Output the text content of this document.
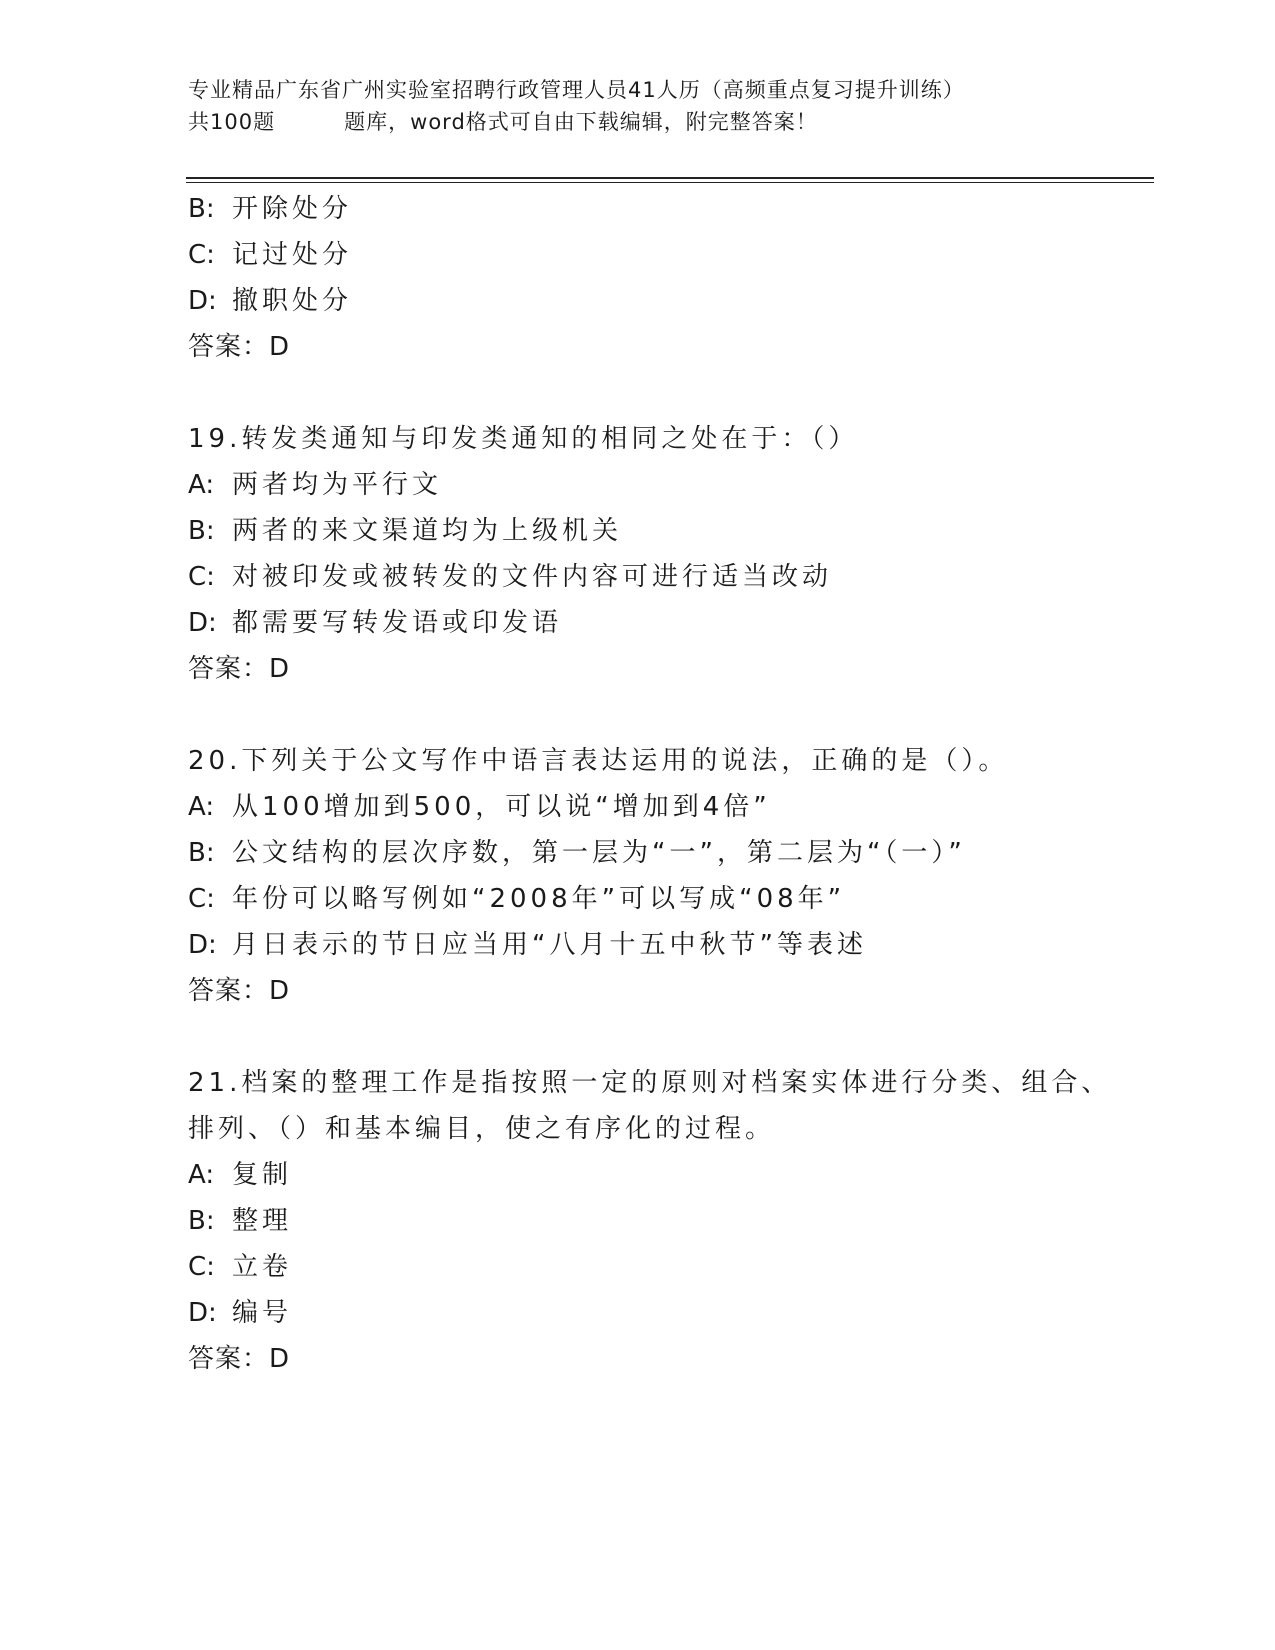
专业精品广东省广州实验室招聘行政管理人员41人历（高频重点复习提升训练）
共100题         题库，word格式可自由下载编辑，附完整答案！
B: 开除处分
C: 记过处分
D: 撤职处分
答案：D
19.转发类通知与印发类通知的相同之处在于：（）
A: 两者均为平行文
B: 两者的来文渠道均为上级机关
C: 对被印发或被转发的文件内容可进行适当改动
D: 都需要写转发语或印发语
答案：D
20.下列关于公文写作中语言表达运用的说法，正确的是（）。
A: 从100增加到500，可以说“增加到4倍”
B: 公文结构的层次序数，第一层为“一”，第二层为“（一）”
C: 年份可以略写例如“2008年”可以写成“08年”
D: 月日表示的节日应当用“八月十五中秋节”等表述
答案：D
21.档案的整理工作是指按照一定的原则对档案实体进行分类、组合、
排列、（）和基本编目，使之有序化的过程。
A: 复制
B: 整理
C: 立卷
D: 编号
答案：D
